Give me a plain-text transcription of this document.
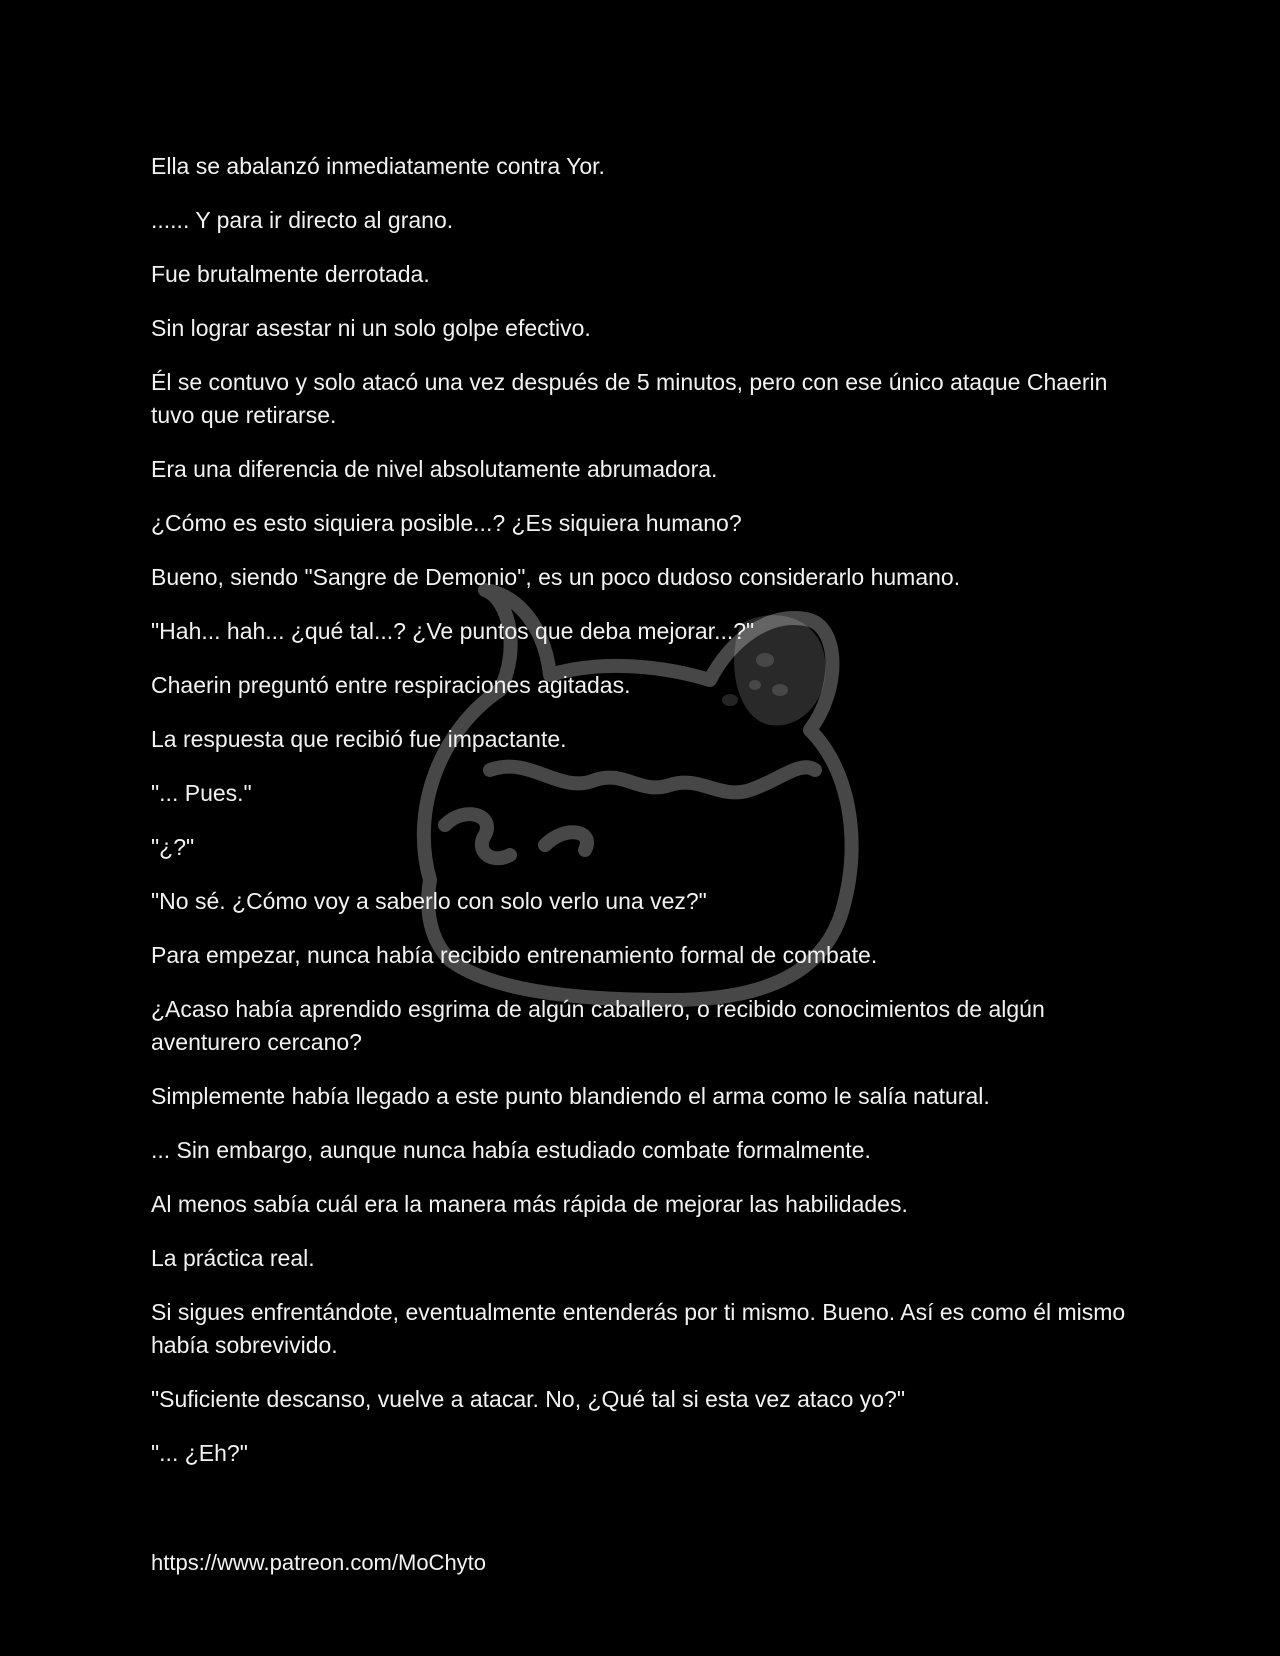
Ella se abalanzó inmediatamente contra Yor.

...... Y para ir directo al grano.

Fue brutalmente derrotada.

Sin lograr asestar ni un solo golpe efectivo.

Él se contuvo y solo atacó una vez después de 5 minutos, pero con ese único ataque Chaerin tuvo que retirarse.

Era una diferencia de nivel absolutamente abrumadora.

¿Cómo es esto siquiera posible...? ¿Es siquiera humano?

Bueno, siendo "Sangre de Demonio", es un poco dudoso considerarlo humano.

"Hah... hah... ¿qué tal...? ¿Ve puntos que deba mejorar...?"

Chaerin preguntó entre respiraciones agitadas.

La respuesta que recibió fue impactante.

"... Pues."

"¿?"

"No sé. ¿Cómo voy a saberlo con solo verlo una vez?"

Para empezar, nunca había recibido entrenamiento formal de combate.

¿Acaso había aprendido esgrima de algún caballero, o recibido conocimientos de algún aventurero cercano?

Simplemente había llegado a este punto blandiendo el arma como le salía natural.

... Sin embargo, aunque nunca había estudiado combate formalmente.

Al menos sabía cuál era la manera más rápida de mejorar las habilidades.

La práctica real.

Si sigues enfrentándote, eventualmente entenderás por ti mismo. Bueno. Así es como él mismo había sobrevivido.

"Suficiente descanso, vuelve a atacar. No, ¿Qué tal si esta vez ataco yo?"

"... ¿Eh?"

https://www.patreon.com/MoChyto
